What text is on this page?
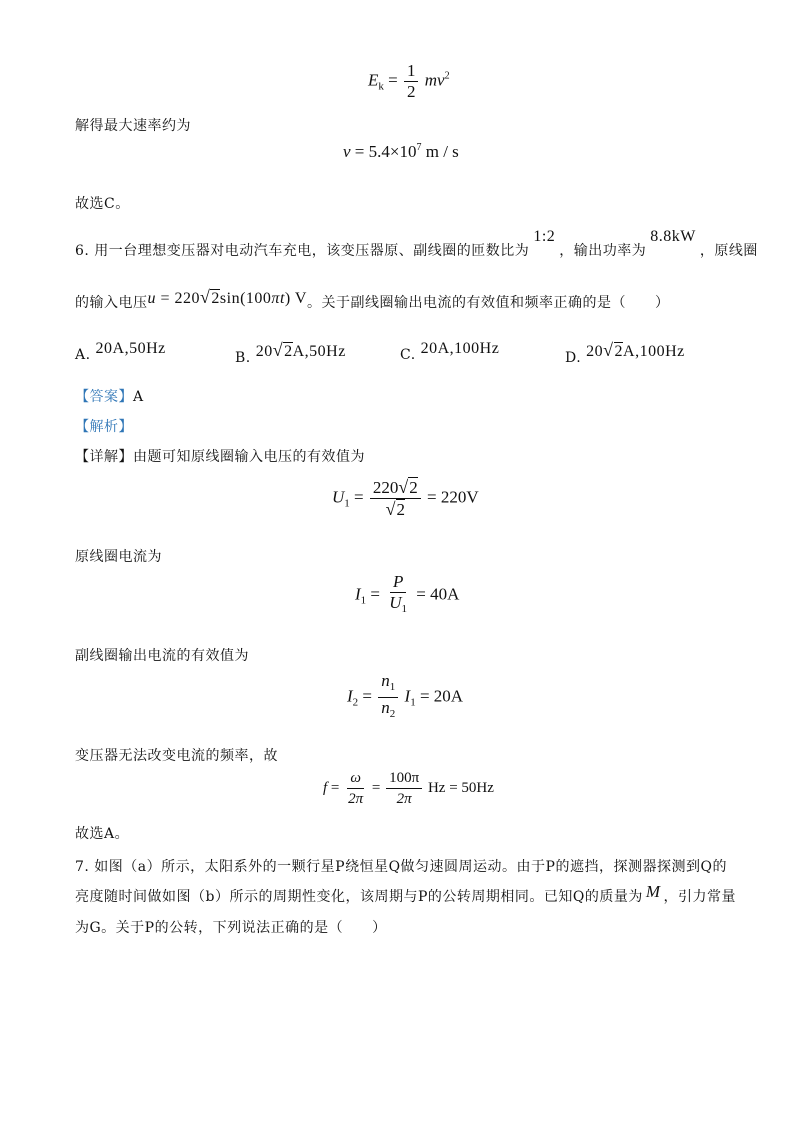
$E_k = \frac{1}{2} mv^2$
解得最大速率约为
$v = 5.4\times 10^7$ m / s
故选C。
6. 用一台理想变压器对电动汽车充电，该变压器原、副线圈的匝数比为1:2，输出功率为8.8kW，原线圈
的输入电压u = 220√2sin(100πt) V。关于副线圈输出电流的有效值和频率正确的是（　　）
A. 20A,50Hz
B. 20√2A,50Hz	C. 20A,100Hz
D. 20√2A,100Hz
【答案】A
【解析】
【详解】由题可知原线圈输入电压的有效值为
$U_1 = \frac{220√2}{√2} = 220V$
原线圈电流为
$I_1 = \frac{P}{U_1} = 40A$
副线圈输出电流的有效值为
$I_2 = \frac{n_1}{n_2} I_1 = 20A$
变压器无法改变电流的频率，故
$f = \frac{\omega}{2\pi} = \frac{100\pi}{2\pi}$ Hz = 50Hz
故选A。
7. 如图（a）所示，太阳系外的一颗行星P绕恒星Q做匀速圆周运动。由于P的遮挡，探测器探测到Q的
亮度随时间做如图（b）所示的周期性变化，该周期与P的公转周期相同。已知Q的质量为 M ，引力常量
为G。关于P的公转，下列说法正确的是（　　）
